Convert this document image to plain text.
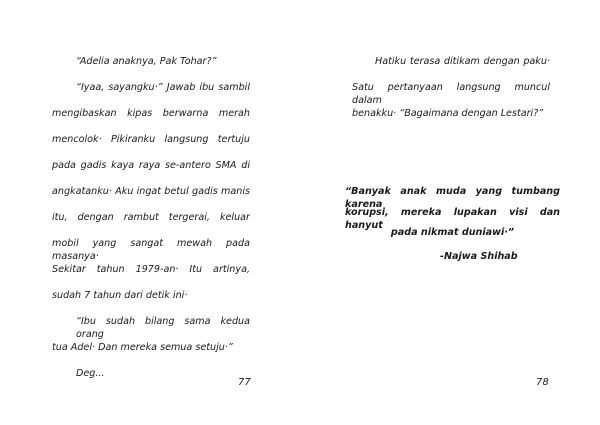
“Adelia anaknya, Pak Tohar?”
“Iyaa, sayangku·” Jawab ibu sambil
mengibaskan kipas berwarna merah
mencolok· Pikiranku langsung tertuju
pada gadis kaya raya se-antero SMA di
angkatanku· Aku ingat betul gadis manis
itu, dengan rambut tergerai, keluar
mobil yang sangat mewah pada masanya·
Sekitar tahun 1979-an· Itu artinya,
sudah 7 tahun dari detik ini·
“Ibu sudah bilang sama kedua orang
tua Adel· Dan mereka semua setuju·”
Deg...
77
Hatiku terasa ditikam dengan paku·
Satu pertanyaan langsung muncul dalam
benakku· “Bagaimana dengan Lestari?”
“Banyak anak muda yang tumbang karena
korupsi, mereka lupakan visi dan hanyut
pada nikmat duniawi·”
-Najwa Shihab
78
